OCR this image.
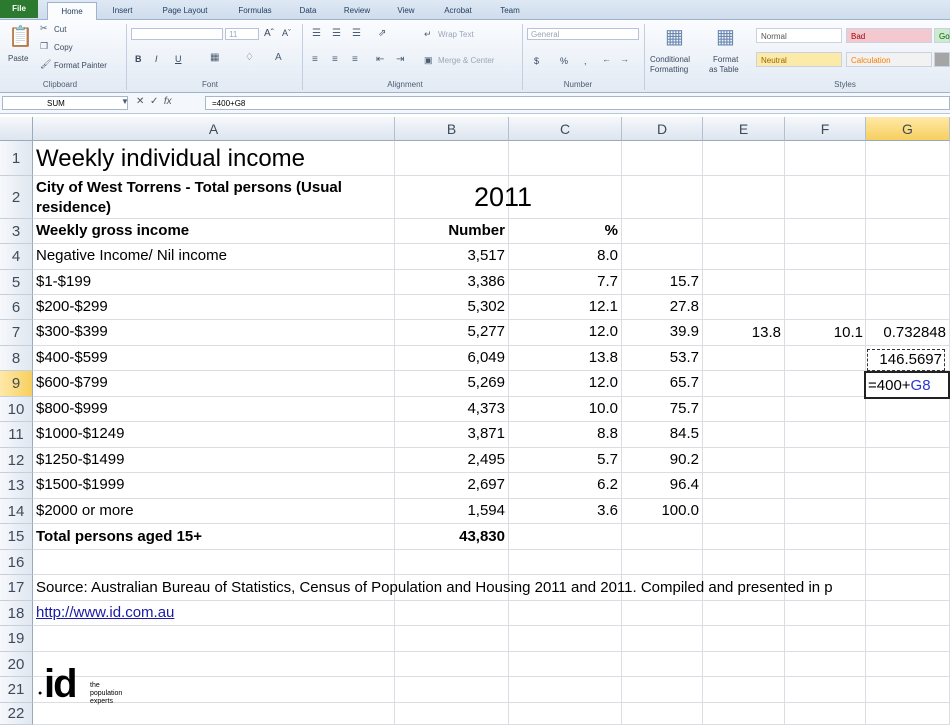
File	Home	Insert	Page Layout	Formulas	Data	Review	View	Acrobat	Team
📋
Paste
✂ Cut
❐ Copy
🖌 Format Painter
Clipboard
11	Aˆ Aˇ
B I U	▦	♢ A
Font
☰ ☰ ☰ ⇗
≡ ≡ ≡ ⇤ ⇥
↵ Wrap Text
▣ Merge & Center
Alignment
General
$ % , ← →
Number
▦
Conditional
Formatting
▦
Format
as Table
Normal	Bad	Go
Neutral	Calculation
Styles
SUM	▼ ✕ ✓ fx	=400+G8
A	B	C	D	E	F	G
1
2
3
4
5
6
7
8
9
10
11
12
13
14
15
16
17
18
19
20
21
22
Weekly individual income
City of West Torrens - Total persons (Usual residence)	2011
Weekly gross income	Number	%
Negative Income/ Nil income	3,517	8.0
$1-$199	3,386	7.7	15.7
$200-$299	5,302	12.1	27.8
$300-$399	5,277	12.0	39.9
$400-$599	6,049	13.8	53.7
$600-$799	5,269	12.0	65.7
$800-$999	4,373	10.0	75.7
$1000-$1249	3,871	8.8	84.5
$1250-$1499	2,495	5.7	90.2
$1500-$1999	2,697	6.2	96.4
$2000 or more	1,594	3.6	100.0
13.8	10.1	0.732848
146.5697
=400+ G8
Total persons aged 15+	43,830
Source: Australian Bureau of Statistics, Census of Population and Housing 2011 and 2011. Compiled and presented in p
http://www.id.com.au
● id the
population
experts
